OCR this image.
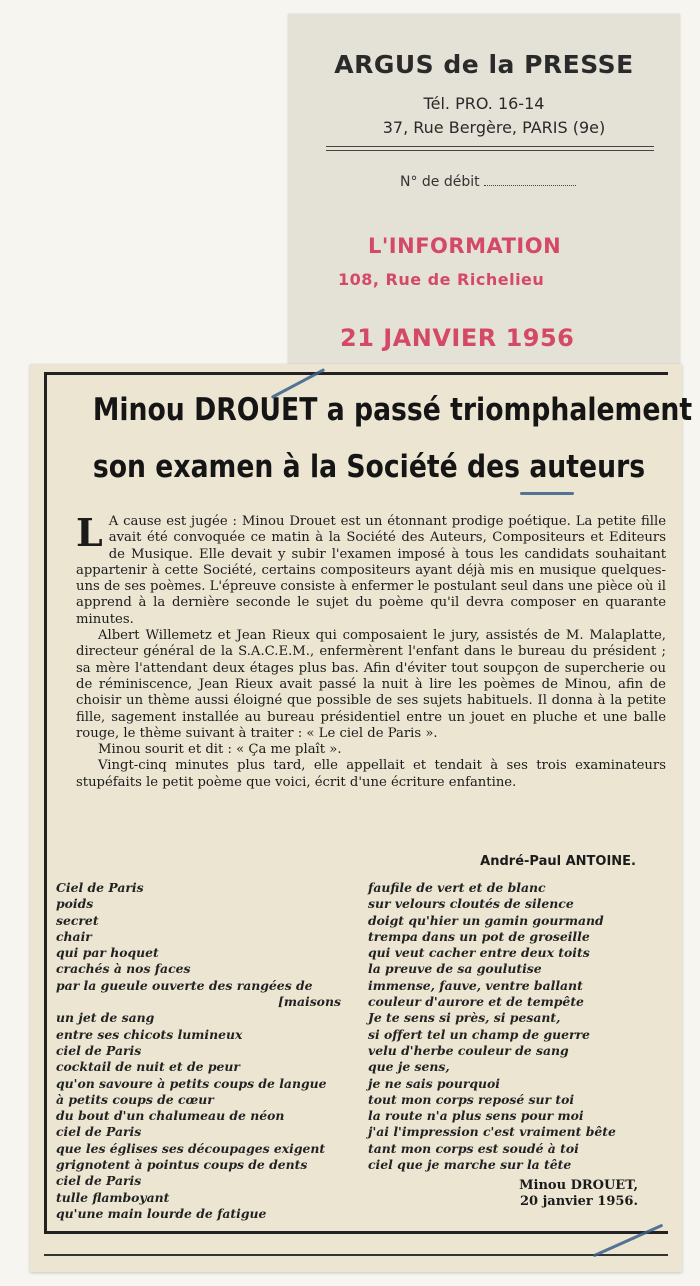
ARGUS de la PRESSE
Tél. PRO. 16-14
37, Rue Bergère, PARIS (9e)
N° de débit
L'INFORMATION
108, Rue de Richelieu
21 JANVIER 1956
Minou DROUET a passé triomphalement
son examen à la Société des auteurs

L A cause est jugée : Minou Drouet est un étonnant prodige poétique. La petite fille avait été convoquée ce matin à la Société des Auteurs, Compositeurs et Editeurs de Musique. Elle devait y subir l'examen imposé à tous les candidats souhaitant appartenir à cette Société, certains compositeurs ayant déjà mis en musique quelques-uns de ses poèmes. L'épreuve consiste à enfermer le postulant seul dans une pièce où il apprend à la dernière seconde le sujet du poème qu'il devra composer en quarante minutes.

Albert Willemetz et Jean Rieux qui composaient le jury, assistés de M. Malaplatte, directeur général de la S.A.C.E.M., enfermèrent l'enfant dans le bureau du président ; sa mère l'attendant deux étages plus bas. Afin d'éviter tout soupçon de supercherie ou de réminiscence, Jean Rieux avait passé la nuit à lire les poèmes de Minou, afin de choisir un thème aussi éloigné que possible de ses sujets habituels. Il donna à la petite fille, sagement installée au bureau présidentiel entre un jouet en pluche et une balle rouge, le thème suivant à traiter : « Le ciel de Paris ».

Minou sourit et dit : « Ça me plaît ».

Vingt-cinq minutes plus tard, elle appellait et tendait à ses trois examinateurs stupéfaits le petit poème que voici, écrit d'une écriture enfantine.

André-Paul ANTOINE.
Ciel de Paris
poids
secret
chair
qui par hoquet
crachés à nos faces
par la gueule ouverte des rangées de
[maisons
un jet de sang
entre ses chicots lumineux
ciel de Paris
cocktail de nuit et de peur
qu'on savoure à petits coups de langue
à petits coups de cœur
du bout d'un chalumeau de néon
ciel de Paris
que les églises ses découpages exigent
grignotent à pointus coups de dents
ciel de Paris
tulle flamboyant
qu'une main lourde de fatigue
faufile de vert et de blanc
sur velours cloutés de silence
doigt qu'hier un gamin gourmand
trempa dans un pot de groseille
qui veut cacher entre deux toits
la preuve de sa goulutise
immense, fauve, ventre ballant
couleur d'aurore et de tempête
Je te sens si près, si pesant,
si offert tel un champ de guerre
velu d'herbe couleur de sang
que je sens,
je ne sais pourquoi
tout mon corps reposé sur toi
la route n'a plus sens pour moi
j'ai l'impression c'est vraiment bête
tant mon corps est soudé à toi
ciel que je marche sur la tête
Minou DROUET,
20 janvier 1956.
